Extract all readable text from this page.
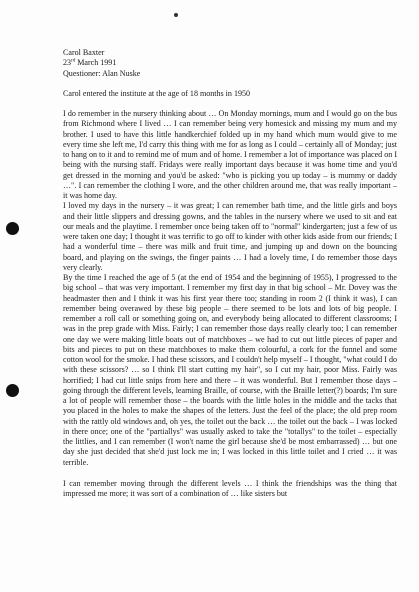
Carol Baxter
23rd March 1991
Questioner: Alan Nuske
Carol entered the institute at the age of 18 months in 1950

I do remember in the nursery thinking about … On Monday mornings, mum and I would go on the bus from Richmond where I lived … I can remember being very homesick and missing my mum and my brother. I used to have this little handkerchief folded up in my hand which mum would give to me every time she left me, I'd carry this thing with me for as long as I could – certainly all of Monday; just to hang on to it and to remind me of mum and of home. I remember a lot of importance was placed on I being with the nursing staff. Fridays were really important days because it was home time and you'd get dressed in the morning and you'd be asked: "who is picking you up today – is mummy or daddy …". I can remember the clothing I wore, and the other children around me, that was really important – it was home day.

I loved my days in the nursery – it was great; I can remember bath time, and the little girls and boys and their little slippers and dressing gowns, and the tables in the nursery where we used to sit and eat our meals and the playtime. I remember once being taken off to "normal" kindergarten; just a few of us were taken one day; I thought it was terrific to go off to kinder with other kids aside from our friends; I had a wonderful time – there was milk and fruit time, and jumping up and down on the bouncing board, and playing on the swings, the finger paints … I had a lovely time, I do remember those days very clearly.

By the time I reached the age of 5 (at the end of 1954 and the beginning of 1955), I progressed to the big school – that was very important. I remember my first day in that big school – Mr. Dovey was the headmaster then and I think it was his first year there too; standing in room 2 (I think it was), I can remember being overawed by these big people – there seemed to be lots and lots of big people. I remember a roll call or something going on, and everybody being allocated to different classrooms; I was in the prep grade with Miss. Fairly; I can remember those days really clearly too; I can remember one day we were making little boats out of matchboxes – we had to cut out little pieces of paper and bits and pieces to put on these matchboxes to make them colourful, a cork for the funnel and some cotton wool for the smoke. I had these scissors, and I couldn't help myself – I thought, "what could I do with these scissors? … so I think I'll start cutting my hair", so I cut my hair, poor Miss. Fairly was horrified; I had cut little snips from here and there – it was wonderful. But I remember those days – going through the different levels, learning Braille, of course, with the Braille letter(?) boards; I'm sure a lot of people will remember those – the boards with the little holes in the middle and the tacks that you placed in the holes to make the shapes of the letters. Just the feel of the place; the old prep room with the rattly old windows and, oh yes, the toilet out the back … the toilet out the back – I was locked in there once; one of the "partiallys" was usually asked to take the "totallys" to the toilet – especially the littlies, and I can remember (I won't name the girl because she'd be most embarrassed) … but one day she just decided that she'd just lock me in; I was locked in this little toilet and I cried … it was terrible.

I can remember moving through the different levels … I think the friendships was the thing that impressed me more; it was sort of a combination of … like sisters but
